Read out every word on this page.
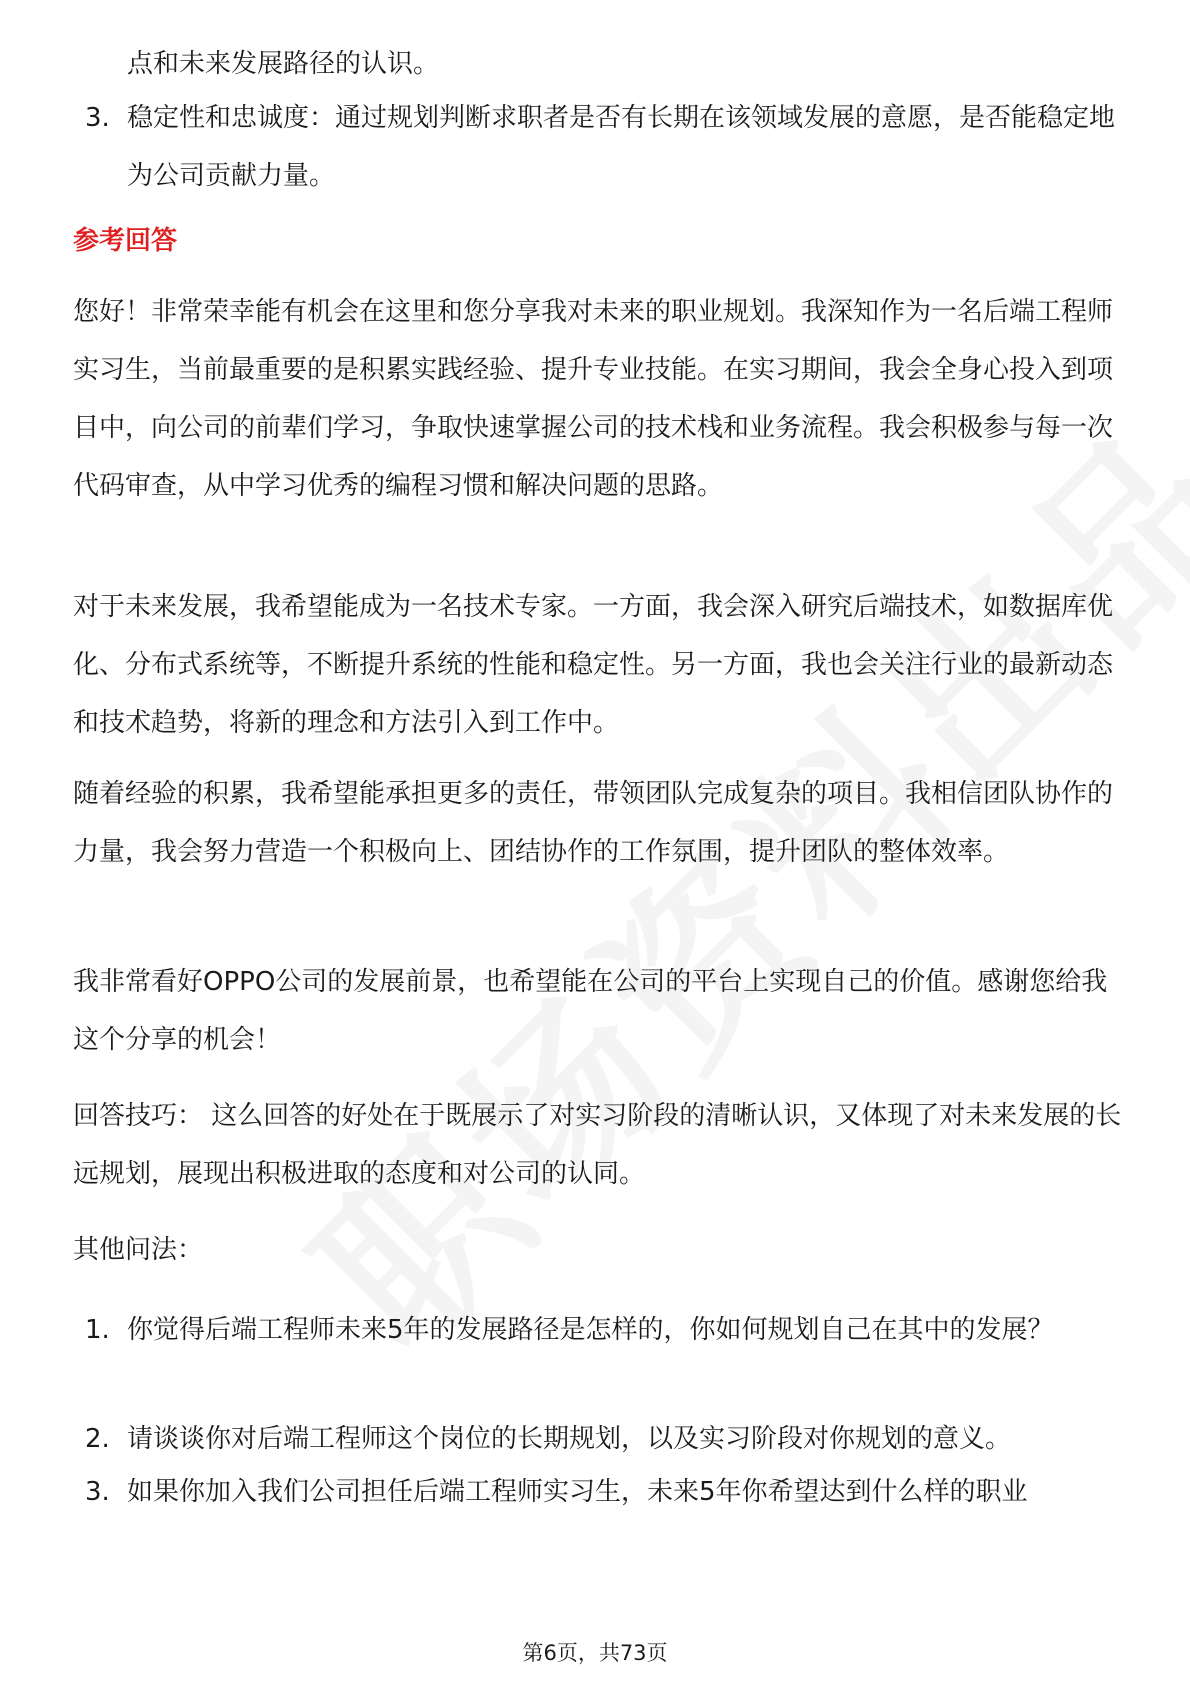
点和未来发展路径的认识。
3. 稳定性和忠诚度：通过规划判断求职者是否有长期在该领域发展的意愿，是否能稳定地为公司贡献力量。
参考回答
您好！非常荣幸能有机会在这里和您分享我对未来的职业规划。我深知作为一名后端工程师实习生，当前最重要的是积累实践经验、提升专业技能。在实习期间，我会全身心投入到项目中，向公司的前辈们学习，争取快速掌握公司的技术栈和业务流程。我会积极参与每一次代码审查，从中学习优秀的编程习惯和解决问题的思路。
对于未来发展，我希望能成为一名技术专家。一方面，我会深入研究后端技术，如数据库优化、分布式系统等，不断提升系统的性能和稳定性。另一方面，我也会关注行业的最新动态和技术趋势，将新的理念和方法引入到工作中。
随着经验的积累，我希望能承担更多的责任，带领团队完成复杂的项目。我相信团队协作的力量，我会努力营造一个积极向上、团结协作的工作氛围，提升团队的整体效率。
我非常看好OPPO公司的发展前景，也希望能在公司的平台上实现自己的价值。感谢您给我这个分享的机会！
回答技巧： 这么回答的好处在于既展示了对实习阶段的清晰认识，又体现了对未来发展的长远规划，展现出积极进取的态度和对公司的认同。
其他问法：
1. 你觉得后端工程师未来5年的发展路径是怎样的，你如何规划自己在其中的发展？
2. 请谈谈你对后端工程师这个岗位的长期规划，以及实习阶段对你规划的意义。
3. 如果你加入我们公司担任后端工程师实习生，未来5年你希望达到什么样的职业
第6页，共73页
